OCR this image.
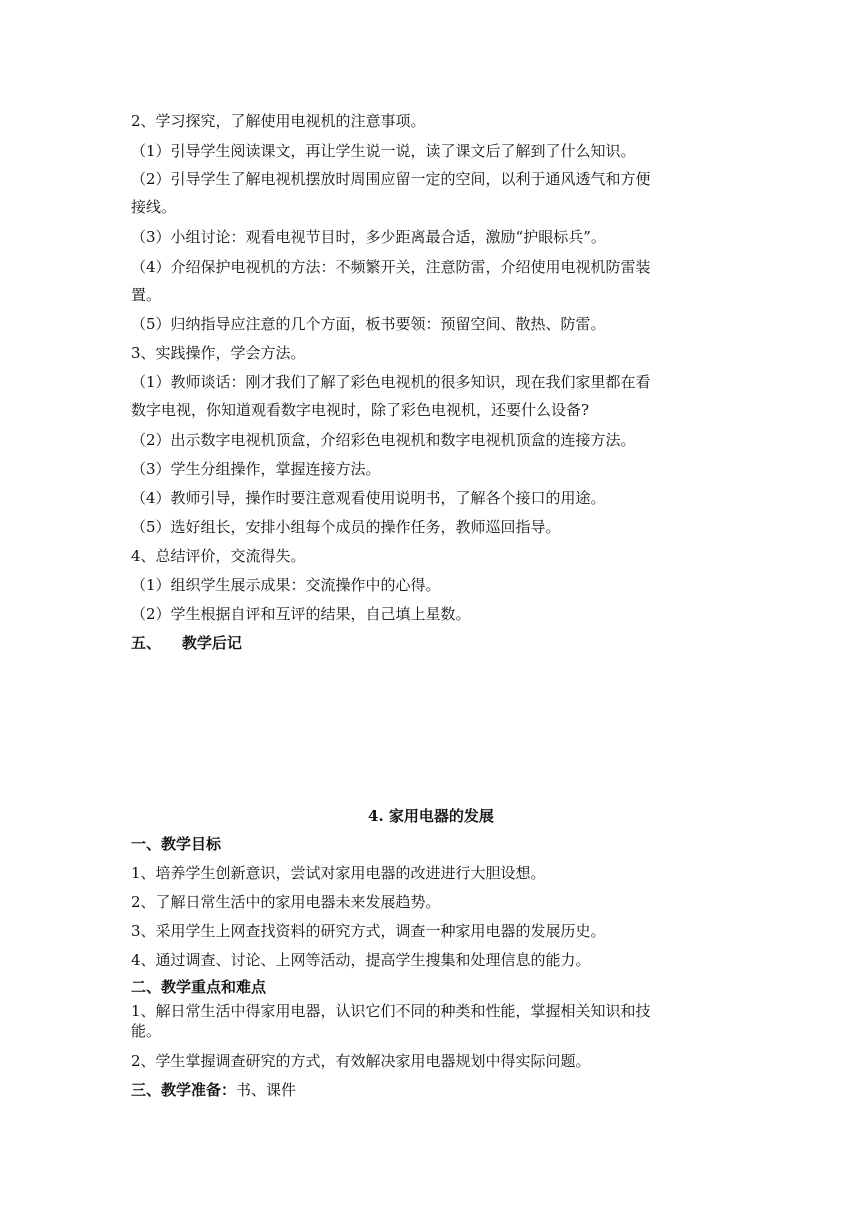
2、学习探究，了解使用电视机的注意事项。
（1）引导学生阅读课文，再让学生说一说，读了课文后了解到了什么知识。
（2）引导学生了解电视机摆放时周围应留一定的空间，以利于通风透气和方便
接线。
（3）小组讨论：观看电视节目时，多少距离最合适，激励“护眼标兵”。
（4）介绍保护电视机的方法：不频繁开关，注意防雷，介绍使用电视机防雷装
置。
（5）归纳指导应注意的几个方面，板书要领：预留空间、散热、防雷。
3、实践操作，学会方法。
（1）教师谈话：刚才我们了解了彩色电视机的很多知识，现在我们家里都在看
数字电视，你知道观看数字电视时，除了彩色电视机，还要什么设备?
（2）出示数字电视机顶盒，介绍彩色电视机和数字电视机顶盒的连接方法。
（3）学生分组操作，掌握连接方法。
（4）教师引导，操作时要注意观看使用说明书，了解各个接口的用途。
（5）选好组长，安排小组每个成员的操作任务，教师巡回指导。
4、总结评价，交流得失。
（1）组织学生展示成果：交流操作中的心得。
（2）学生根据自评和互评的结果，自己填上星数。
五、    教学后记
4. 家用电器的发展
一、教学目标
1、培养学生创新意识，尝试对家用电器的改进进行大胆设想。
2、了解日常生活中的家用电器未来发展趋势。
3、采用学生上网查找资料的研究方式，调查一种家用电器的发展历史。
4、通过调查、讨论、上网等活动，提高学生搜集和处理信息的能力。
二、教学重点和难点
1、解日常生活中得家用电器，认识它们不同的种类和性能，掌握相关知识和技
能。
2、学生掌握调查研究的方式，有效解决家用电器规划中得实际问题。
三、教学准备：书、课件
